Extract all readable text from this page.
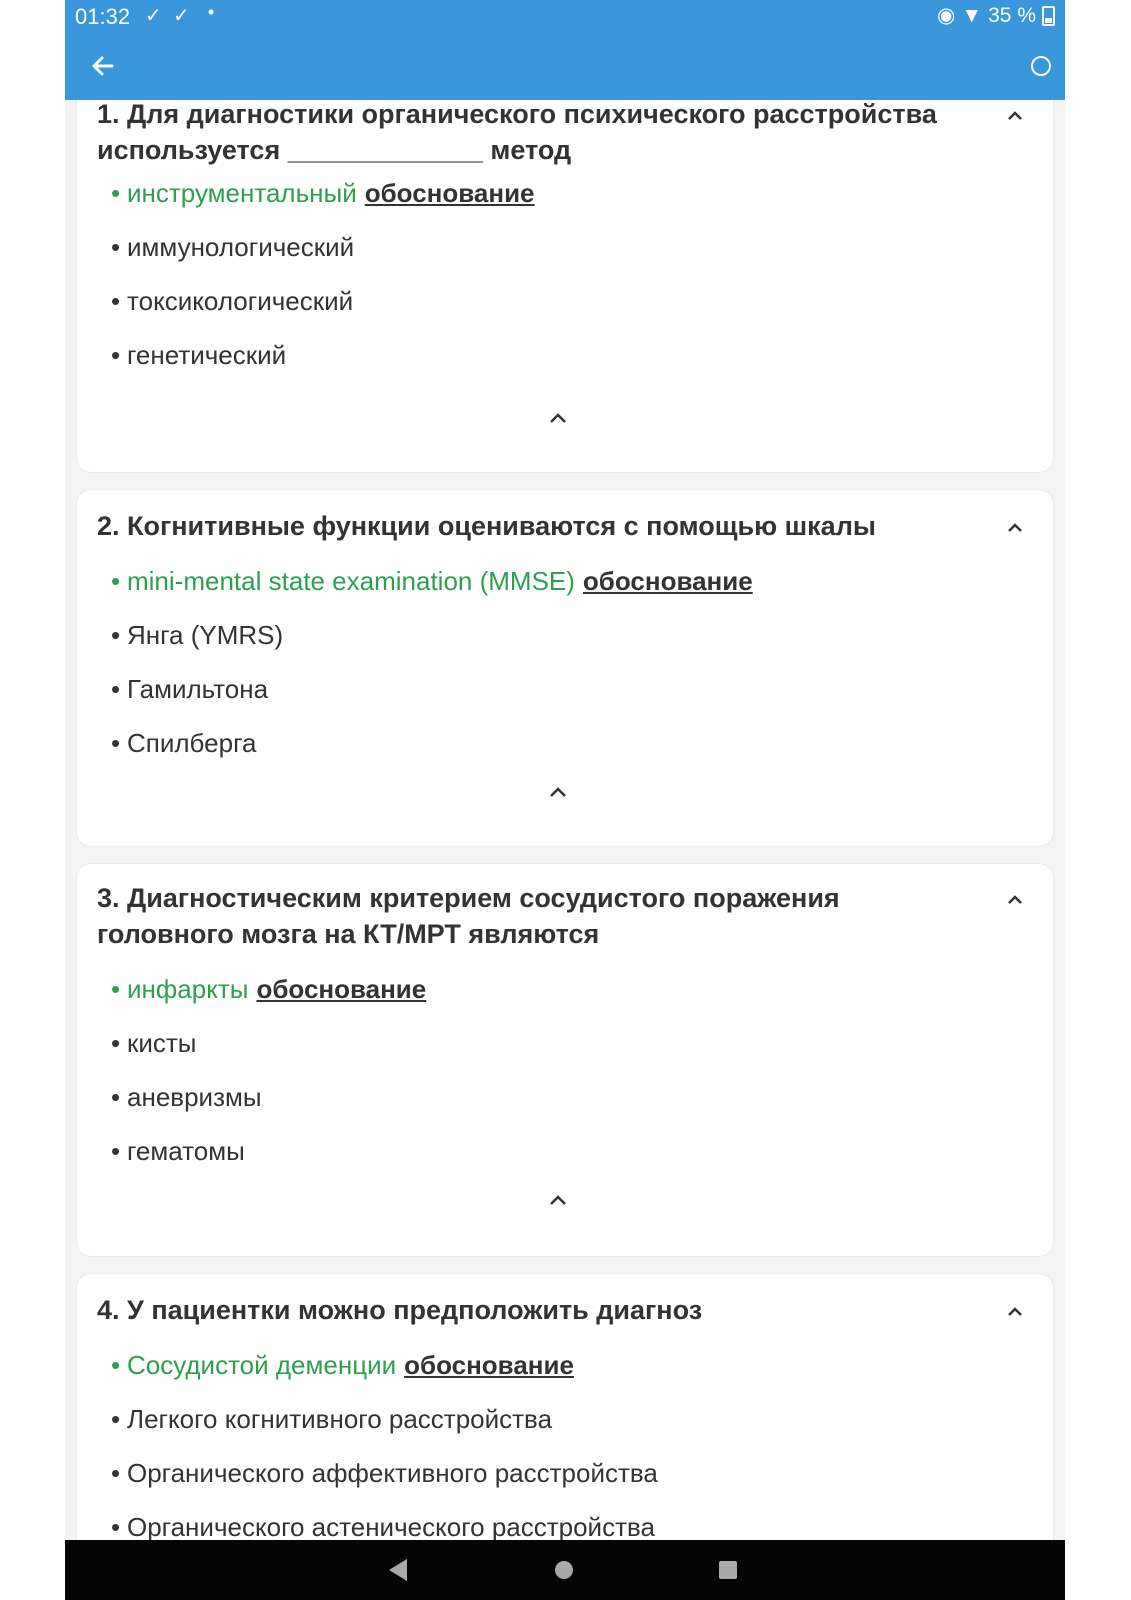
01:32 ✓︎ ✓︎ •	◉ ▼ 35 %
1. Для диагностики органического психического расстройства используется _____________ метод
• инструментальный обоснование
• иммунологический
• токсикологический
• генетический
2. Когнитивные функции оцениваются с помощью шкалы
• mini-mental state examination (MMSE) обоснование
• Янга (YMRS)
• Гамильтона
• Спилберга
3. Диагностическим критерием сосудистого поражения головного мозга на КТ/МРТ являются
• инфаркты обоснование
• кисты
• аневризмы
• гематомы
4. У пациентки можно предположить диагноз
• Сосудистой деменции обоснование
• Легкого когнитивного расстройства
• Органического аффективного расстройства
• Органического астенического расстройства
